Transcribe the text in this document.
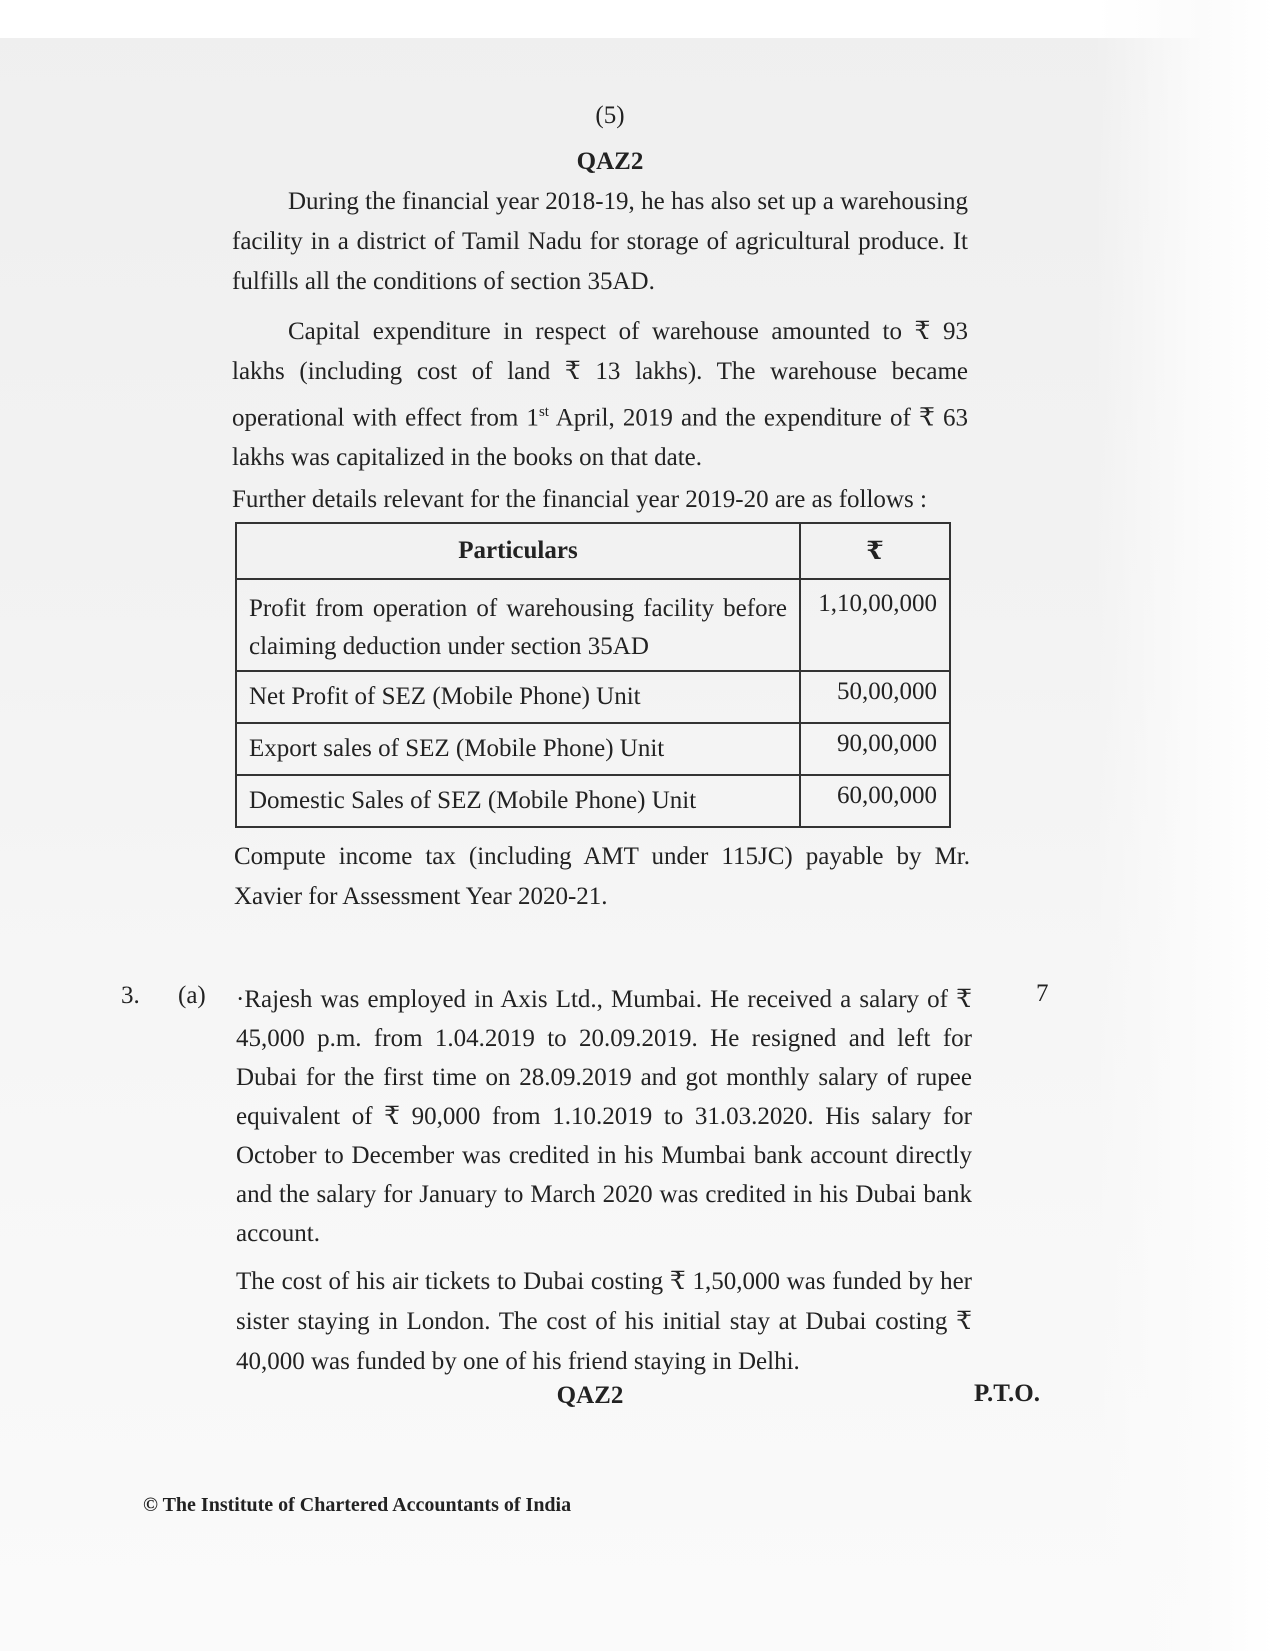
(5)
QAZ2

During the financial year 2018-19, he has also set up a warehousing facility in a district of Tamil Nadu for storage of agricultural produce. It fulfills all the conditions of section 35AD.

Capital expenditure in respect of warehouse amounted to ₹ 93 lakhs (including cost of land ₹ 13 lakhs). The warehouse became operational with effect from 1st April, 2019 and the expenditure of ₹ 63 lakhs was capitalized in the books on that date.

Further details relevant for the financial year 2019-20 are as follows :

Particulars	₹
Profit from operation of warehousing facility before claiming deduction under section 35AD	1,10,00,000
Net Profit of SEZ (Mobile Phone) Unit	50,00,000
Export sales of SEZ (Mobile Phone) Unit	90,00,000
Domestic Sales of SEZ (Mobile Phone) Unit	60,00,000

Compute income tax (including AMT under 115JC) payable by Mr. Xavier for Assessment Year 2020-21.

3. (a)	7

·Rajesh was employed in Axis Ltd., Mumbai. He received a salary of ₹ 45,000 p.m. from 1.04.2019 to 20.09.2019. He resigned and left for Dubai for the first time on 28.09.2019 and got monthly salary of rupee equivalent of ₹ 90,000 from 1.10.2019 to 31.03.2020. His salary for October to December was credited in his Mumbai bank account directly and the salary for January to March 2020 was credited in his Dubai bank account.

The cost of his air tickets to Dubai costing ₹ 1,50,000 was funded by her sister staying in London. The cost of his initial stay at Dubai costing ₹ 40,000 was funded by one of his friend staying in Delhi.

QAZ2	P.T.O.
© The Institute of Chartered Accountants of India
